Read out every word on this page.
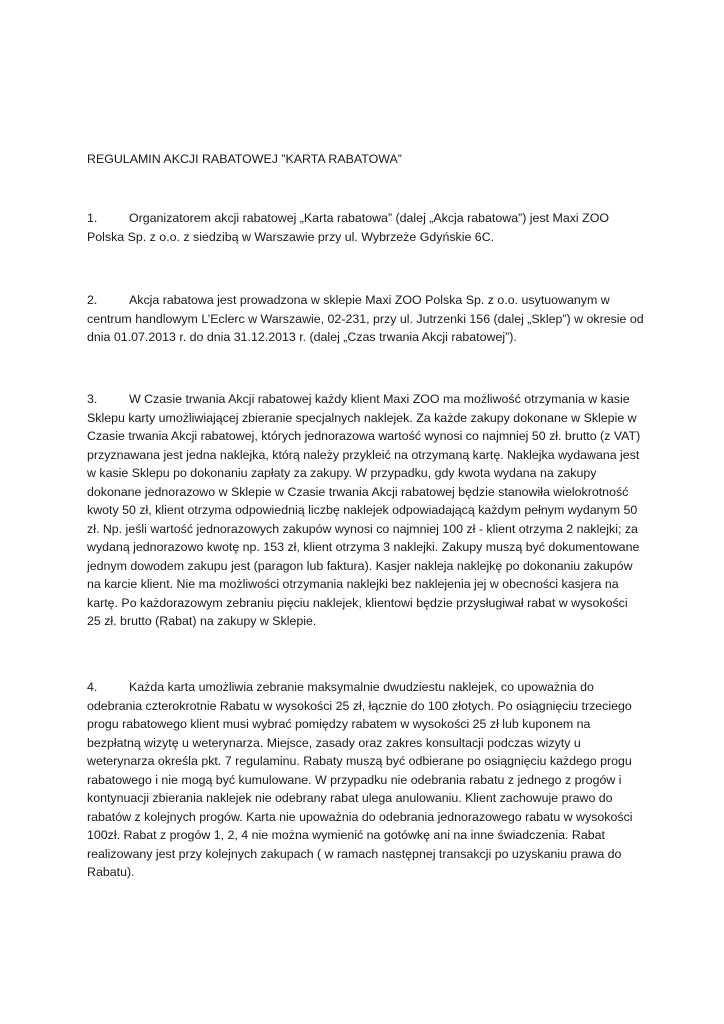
REGULAMIN AKCJI RABATOWEJ ”KARTA RABATOWA”
1.	Organizatorem akcji rabatowej „Karta rabatowa” (dalej „Akcja rabatowa”) jest Maxi ZOO
Polska Sp. z o.o. z siedzibą w Warszawie przy ul. Wybrzeże Gdyńskie 6C.
2.	Akcja rabatowa jest prowadzona w sklepie Maxi ZOO Polska Sp. z o.o. usytuowanym w
centrum handlowym L’Eclerc w Warszawie, 02-231, przy ul. Jutrzenki 156 (dalej „Sklep”) w okresie od
dnia 01.07.2013 r. do dnia 31.12.2013 r. (dalej „Czas trwania Akcji rabatowej”).
3.	W Czasie trwania Akcji rabatowej każdy klient Maxi ZOO ma możliwość otrzymania w kasie
Sklepu karty umożliwiającej zbieranie specjalnych naklejek. Za każde zakupy dokonane w Sklepie w
Czasie trwania Akcji rabatowej, których jednorazowa wartość wynosi co najmniej 50 zł. brutto (z VAT)
przyznawana jest jedna naklejka, którą należy przykleić na otrzymaną kartę. Naklejka wydawana jest
w kasie Sklepu po dokonaniu zapłaty za zakupy. W przypadku, gdy kwota wydana na zakupy
dokonane jednorazowo w Sklepie w Czasie trwania Akcji rabatowej będzie stanowiła wielokrotność
kwoty 50 zł, klient otrzyma odpowiednią liczbę naklejek odpowiadającą każdym pełnym wydanym 50
zł. Np. jeśli wartość jednorazowych zakupów wynosi co najmniej 100 zł - klient otrzyma 2 naklejki; za
wydaną jednorazowo kwotę np. 153 zł, klient otrzyma 3 naklejki. Zakupy muszą być dokumentowane
jednym dowodem zakupu jest (paragon lub faktura). Kasjer nakleja naklejkę po dokonaniu zakupów
na karcie klient. Nie ma możliwości otrzymania naklejki bez naklejenia jej w obecności kasjera na
kartę. Po każdorazowym zebraniu pięciu naklejek, klientowi będzie przysługiwał rabat w wysokości
25 zł. brutto (Rabat) na zakupy w Sklepie.
4.	Każda karta umożliwia zebranie maksymalnie dwudziestu naklejek, co upoważnia do
odebrania czterokrotnie Rabatu w wysokości 25 zł, łącznie do 100 złotych. Po osiągnięciu trzeciego
progu rabatowego klient musi wybrać pomiędzy rabatem w wysokości 25 zł lub kuponem na
bezpłatną wizytę u weterynarza. Miejsce, zasady oraz zakres konsultacji podczas wizyty u
weterynarza określa pkt. 7 regulaminu. Rabaty muszą być odbierane po osiągnięciu każdego progu
rabatowego i nie mogą być kumulowane. W przypadku nie odebrania rabatu z jednego z progów i
kontynuacji zbierania naklejek nie odebrany rabat ulega anulowaniu. Klient zachowuje prawo do
rabatów z kolejnych progów. Karta nie upoważnia do odebrania jednorazowego rabatu w wysokości
100zł. Rabat z progów 1, 2, 4 nie można wymienić na gotówkę ani na inne świadczenia. Rabat
realizowany jest przy kolejnych zakupach ( w ramach następnej transakcji po uzyskaniu prawa do
Rabatu).
